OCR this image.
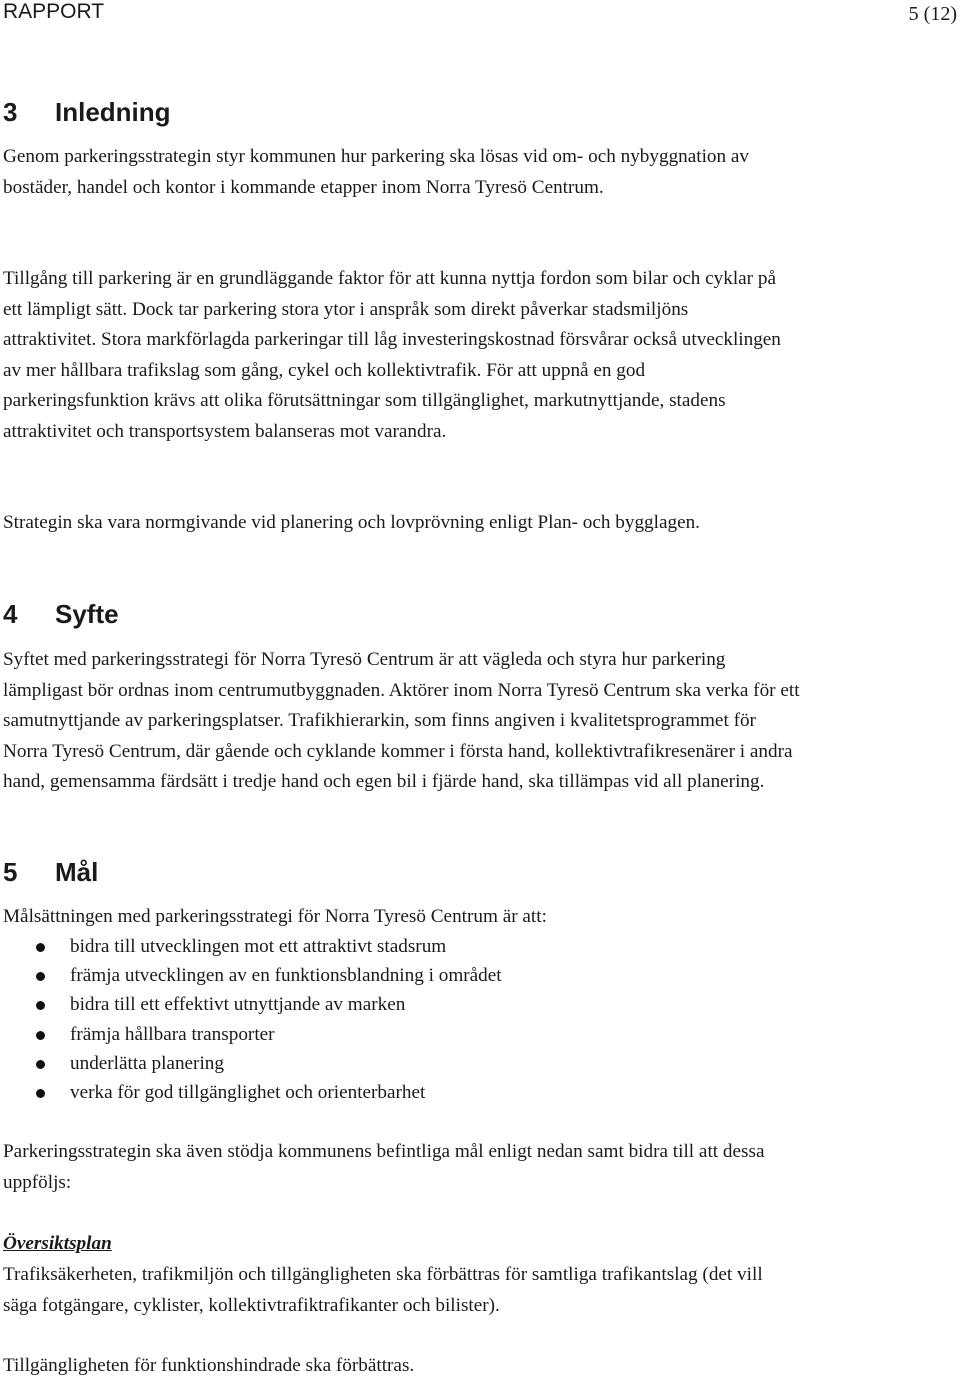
RAPPORT	5 (12)
3 Inledning

Genom parkeringsstrategin styr kommunen hur parkering ska lösas vid om- och nybyggnation av bostäder, handel och kontor i kommande etapper inom Norra Tyresö Centrum.

Tillgång till parkering är en grundläggande faktor för att kunna nyttja fordon som bilar och cyklar på ett lämpligt sätt. Dock tar parkering stora ytor i anspråk som direkt påverkar stadsmiljöns attraktivitet. Stora markförlagda parkeringar till låg investeringskostnad försvårar också utvecklingen av mer hållbara trafikslag som gång, cykel och kollektivtrafik. För att uppnå en god parkeringsfunktion krävs att olika förutsättningar som tillgänglighet, markutnyttjande, stadens attraktivitet och transportsystem balanseras mot varandra.

Strategin ska vara normgivande vid planering och lovprövning enligt Plan- och bygglagen.

4 Syfte

Syftet med parkeringsstrategi för Norra Tyresö Centrum är att vägleda och styra hur parkering lämpligast bör ordnas inom centrumutbyggnaden. Aktörer inom Norra Tyresö Centrum ska verka för ett samutnyttjande av parkeringsplatser. Trafikhierarkin, som finns angiven i kvalitetsprogrammet för Norra Tyresö Centrum, där gående och cyklande kommer i första hand, kollektivtrafikresenärer i andra hand, gemensamma färdsätt i tredje hand och egen bil i fjärde hand, ska tillämpas vid all planering.

5 Mål

Målsättningen med parkeringsstrategi för Norra Tyresö Centrum är att:

bidra till utvecklingen mot ett attraktivt stadsrum
främja utvecklingen av en funktionsblandning i området
bidra till ett effektivt utnyttjande av marken
främja hållbara transporter
underlätta planering
verka för god tillgänglighet och orienterbarhet

Parkeringsstrategin ska även stödja kommunens befintliga mål enligt nedan samt bidra till att dessa uppföljs:

Översiktsplan

Trafiksäkerheten, trafikmiljön och tillgängligheten ska förbättras för samtliga trafikantslag (det vill säga fotgängare, cyklister, kollektivtrafiktrafikanter och bilister).

Tillgängligheten för funktionshindrade ska förbättras.
